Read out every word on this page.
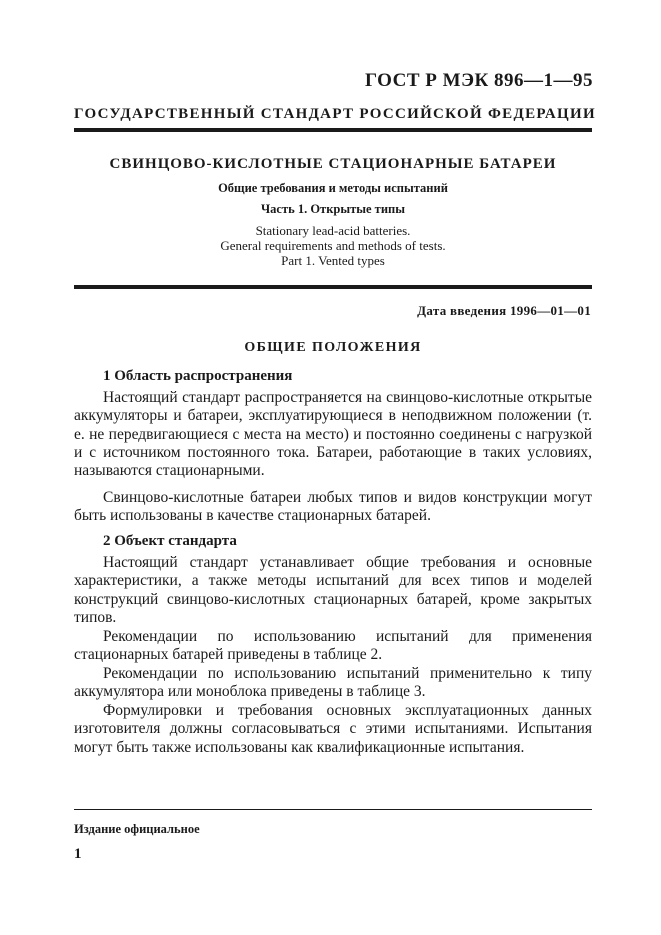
ГОСТ Р МЭК 896—1—95
ГОСУДАРСТВЕННЫЙ СТАНДАРТ РОССИЙСКОЙ ФЕДЕРАЦИИ
СВИНЦОВО-КИСЛОТНЫЕ СТАЦИОНАРНЫЕ БАТАРЕИ
Общие требования и методы испытаний
Часть 1. Открытые типы
Stationary lead-acid batteries.
General requirements and methods of tests.
Part 1. Vented types
Дата введения 1996—01—01
ОБЩИЕ ПОЛОЖЕНИЯ
1 Область распространения

Настоящий стандарт распространяется на свинцово-кислотные открытые аккумуляторы и батареи, эксплуатирующиеся в неподвижном положении (т. е. не передвигающиеся с места на место) и постоянно соединены с нагрузкой и с источником постоянного тока. Батареи, работающие в таких условиях, называются стационарными.

Свинцово-кислотные батареи любых типов и видов конструкции могут быть использованы в качестве стационарных батарей.

2 Объект стандарта

Настоящий стандарт устанавливает общие требования и основные характеристики, а также методы испытаний для всех типов и моделей конструкций свинцово-кислотных стационарных батарей, кроме закрытых типов.

Рекомендации по использованию испытаний для применения стационарных батарей приведены в таблице 2.

Рекомендации по использованию испытаний применительно к типу аккумулятора или моноблока приведены в таблице 3.

Формулировки и требования основных эксплуатационных данных изготовителя должны согласовываться с этими испытаниями. Испытания могут быть также использованы как квалификационные испытания.

Издание официальное
1
